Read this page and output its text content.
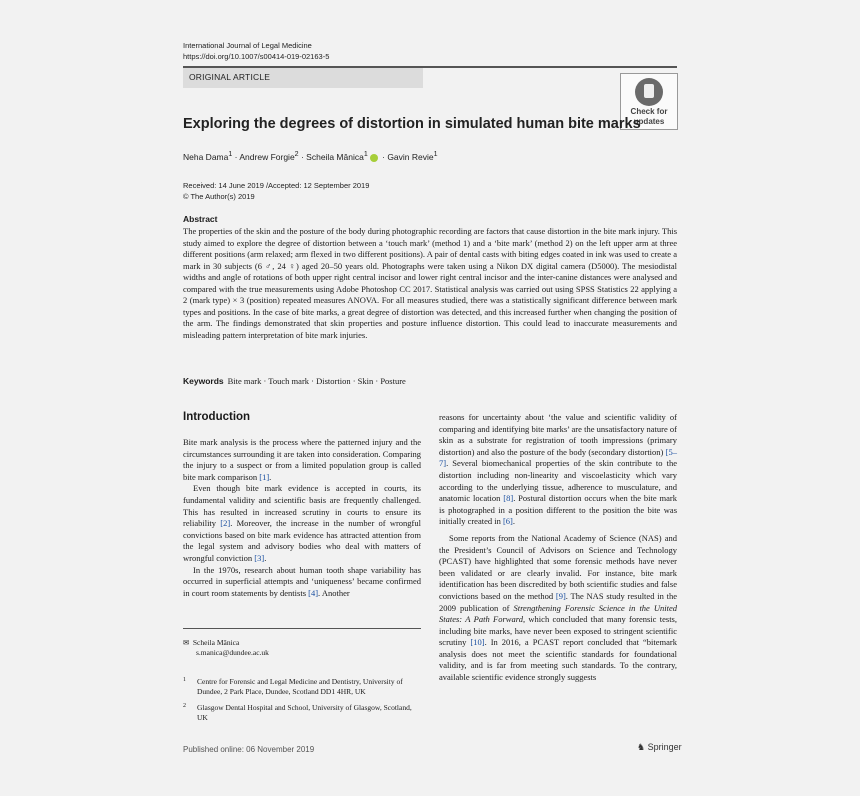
International Journal of Legal Medicine
https://doi.org/10.1007/s00414-019-02163-5
ORIGINAL ARTICLE
Check for
updates
Exploring the degrees of distortion in simulated human bite marks
Neha Dama$^1$ · Andrew Forgie$^2$ · Scheila Mânica$^1$ · Gavin Revie$^1$
Received: 14 June 2019 /Accepted: 12 September 2019
© The Author(s) 2019
Abstract
The properties of the skin and the posture of the body during photographic recording are factors that cause distortion in the bite mark injury. This study aimed to explore the degree of distortion between a ‘touch mark’ (method 1) and a ‘bite mark’ (method 2) on the left upper arm at three different positions (arm relaxed; arm flexed in two different positions). A pair of dental casts with biting edges coated in ink was used to create a mark in 30 subjects (6 ♂, 24 ♀) aged 20–50 years old. Photographs were taken using a Nikon DX digital camera (D5000). The mesiodistal widths and angle of rotations of both upper right central incisor and lower right central incisor and the inter-canine distances were analysed and compared with the true measurements using Adobe Photoshop CC 2017. Statistical analysis was carried out using SPSS Statistics 22 applying a 2 (mark type) × 3 (position) repeated measures ANOVA. For all measures studied, there was a statistically significant difference between mark types and positions. In the case of bite marks, a great degree of distortion was detected, and this increased further when changing the position of the arm. The findings demonstrated that skin properties and posture influence distortion. This could lead to inaccurate measurements and misleading pattern interpretation of bite mark injuries.
Keywords Bite mark · Touch mark · Distortion · Skin · Posture
Introduction

Bite mark analysis is the process where the patterned injury and the circumstances surrounding it are taken into consideration. Comparing the injury to a suspect or from a limited population group is called bite mark comparison [1].

Even though bite mark evidence is accepted in courts, its fundamental validity and scientific basis are frequently challenged. This has resulted in increased scrutiny in courts to ensure its reliability [2]. Moreover, the increase in the number of wrongful convictions based on bite mark evidence has attracted attention from the legal system and advisory bodies who deal with matters of wrongful conviction [3].

In the 1970s, research about human tooth shape variability has occurred in superficial attempts and ‘uniqueness’ became confirmed in court room statements by dentists [4]. Another

reasons for uncertainty about ‘the value and scientific validity of comparing and identifying bite marks’ are the unsatisfactory nature of skin as a substrate for registration of tooth impressions (primary distortion) and also the posture of the body (secondary distortion) [5–7]. Several biomechanical properties of the skin contribute to the distortion including non-linearity and viscoelasticity which vary according to the underlying tissue, adherence to musculature, and anatomic location [8]. Postural distortion occurs when the bite mark is photographed in a position different to the position the bite was initially created in [6].

Some reports from the National Academy of Science (NAS) and the President’s Council of Advisors on Science and Technology (PCAST) have highlighted that some forensic methods have never been validated or are clearly invalid. For instance, bite mark identification has been discredited by both scientific studies and false convictions based on the method [9]. The NAS study resulted in the 2009 publication of Strengthening Forensic Science in the United States: A Path Forward, which concluded that many forensic tests, including bite marks, have never been exposed to stringent scientific scrutiny [10]. In 2016, a PCAST report concluded that “bitemark analysis does not meet the scientific standards for foundational validity, and is far from meeting such standards. To the contrary, available scientific evidence strongly suggests

✉ Scheila Mânica
s.manica@dundee.ac.uk
1 Centre for Forensic and Legal Medicine and Dentistry, University of Dundee, 2 Park Place, Dundee, Scotland DD1 4HR, UK
2 Glasgow Dental Hospital and School, University of Glasgow, Scotland, UK
Published online: 06 November 2019	♞ Springer
